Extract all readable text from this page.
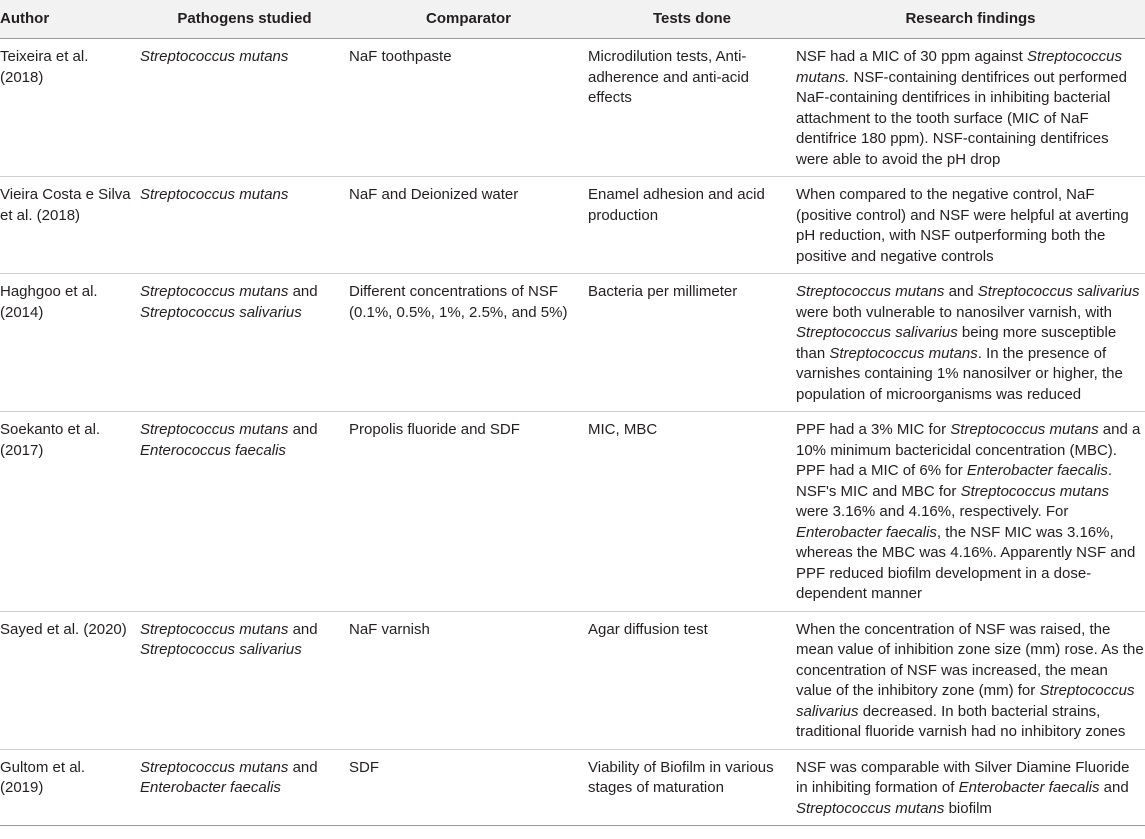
Author	Pathogens studied	Comparator	Tests done	Research findings
Teixeira et al. (2018)	Streptococcus mutans	NaF toothpaste	Microdilution tests, Anti-adherence and anti-acid effects	NSF had a MIC of 30 ppm against Streptococcus mutans. NSF-containing dentifrices out performed NaF-containing dentifrices in inhibiting bacterial attachment to the tooth surface (MIC of NaF dentifrice 180 ppm). NSF-containing dentifrices were able to avoid the pH drop
Vieira Costa e Silva et al. (2018)	Streptococcus mutans	NaF and Deionized water	Enamel adhesion and acid production	When compared to the negative control, NaF (positive control) and NSF were helpful at averting pH reduction, with NSF outperforming both the positive and negative controls
Haghgoo et al. (2014)	Streptococcus mutans and Streptococcus salivarius	Different concentrations of NSF (0.1%, 0.5%, 1%, 2.5%, and 5%)	Bacteria per millimeter	Streptococcus mutans and Streptococcus salivarius were both vulnerable to nanosilver varnish, with Streptococcus salivarius being more susceptible than Streptococcus mutans. In the presence of varnishes containing 1% nanosilver or higher, the population of microorganisms was reduced
Soekanto et al. (2017)	Streptococcus mutans and Enterococcus faecalis	Propolis fluoride and SDF	MIC, MBC	PPF had a 3% MIC for Streptococcus mutans and a 10% minimum bactericidal concentration (MBC). PPF had a MIC of 6% for Enterobacter faecalis. NSF's MIC and MBC for Streptococcus mutans were 3.16% and 4.16%, respectively. For Enterobacter faecalis, the NSF MIC was 3.16%, whereas the MBC was 4.16%. Apparently NSF and PPF reduced biofilm development in a dose-dependent manner
Sayed et al. (2020)	Streptococcus mutans and Streptococcus salivarius	NaF varnish	Agar diffusion test	When the concentration of NSF was raised, the mean value of inhibition zone size (mm) rose. As the concentration of NSF was increased, the mean value of the inhibitory zone (mm) for Streptococcus salivarius decreased. In both bacterial strains, traditional fluoride varnish had no inhibitory zones
Gultom et al. (2019)	Streptococcus mutans and Enterobacter faecalis	SDF	Viability of Biofilm in various stages of maturation	NSF was comparable with Silver Diamine Fluoride in inhibiting formation of Enterobacter faecalis and Streptococcus mutans biofilm
